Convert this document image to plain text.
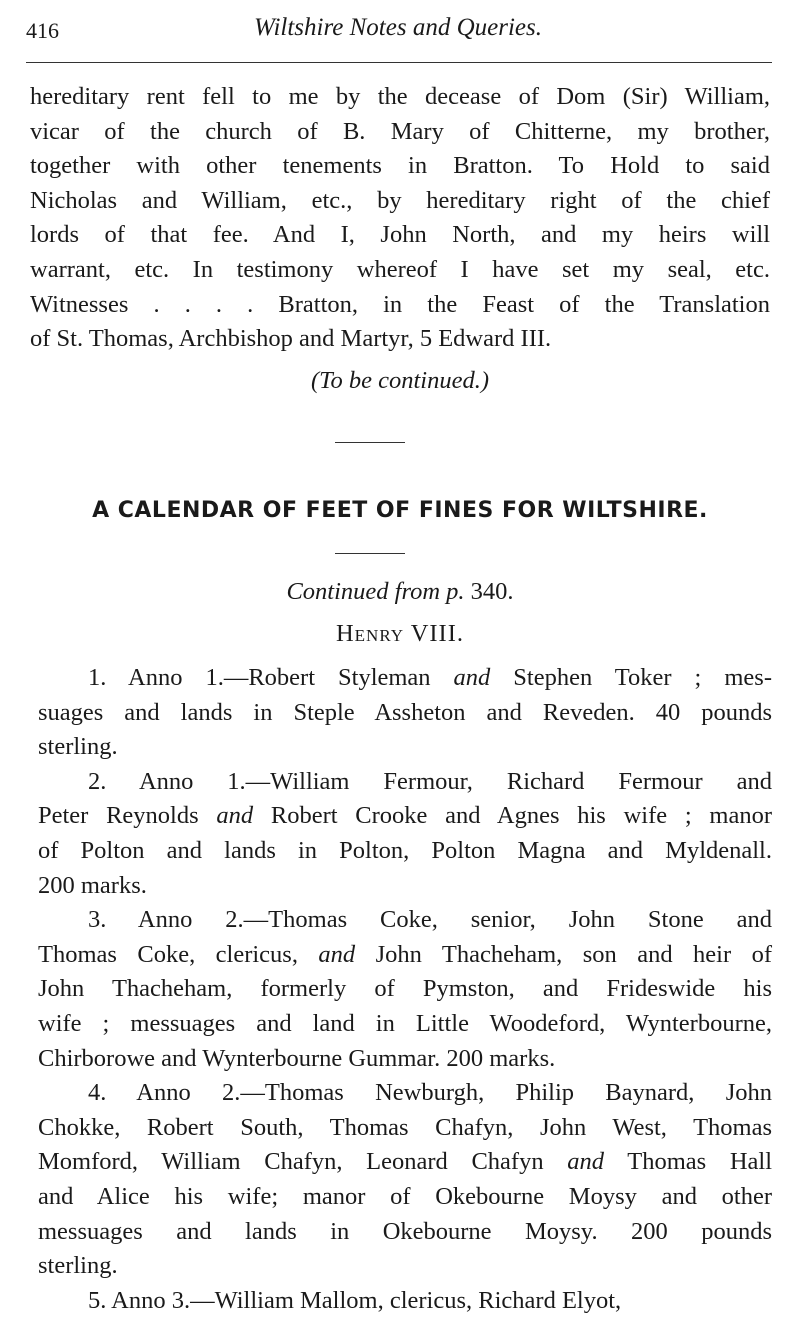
416	Wiltshire Notes and Queries.
hereditary rent fell to me by the decease of Dom (Sir) William,
vicar of the church of B. Mary of Chitterne, my brother,
together with other tenements in Bratton. To Hold to said
Nicholas and William, etc., by hereditary right of the chief
lords of that fee. And I, John North, and my heirs will
warrant, etc. In testimony whereof I have set my seal, etc.
Witnesses . . . . Bratton, in the Feast of the Translation
of St. Thomas, Archbishop and Martyr, 5 Edward III.
(To be continued.)
A CALENDAR OF FEET OF FINES FOR WILTSHIRE.
Continued from p. 340.
Henry VIII.
1. Anno 1.—Robert Styleman and Stephen Toker ; mes-
suages and lands in Steple Assheton and Reveden. 40 pounds
sterling.
2. Anno 1.—William Fermour, Richard Fermour and
Peter Reynolds and Robert Crooke and Agnes his wife ; manor
of Polton and lands in Polton, Polton Magna and Myldenall.
200 marks.
3. Anno 2.—Thomas Coke, senior, John Stone and
Thomas Coke, clericus, and John Thacheham, son and heir of
John Thacheham, formerly of Pymston, and Frideswide his
wife ; messuages and land in Little Woodeford, Wynterbourne,
Chirborowe and Wynterbourne Gummar. 200 marks.
4. Anno 2.—Thomas Newburgh, Philip Baynard, John
Chokke, Robert South, Thomas Chafyn, John West, Thomas
Momford, William Chafyn, Leonard Chafyn and Thomas Hall
and Alice his wife; manor of Okebourne Moysy and other
messuages and lands in Okebourne Moysy. 200 pounds
sterling.
5. Anno 3.—William Mallom, clericus, Richard Elyot,
